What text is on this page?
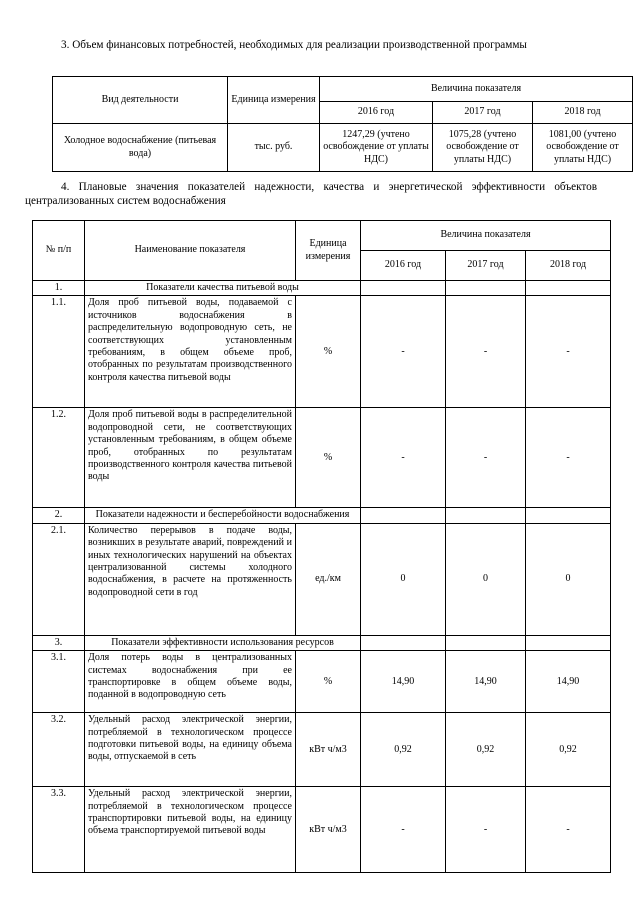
3. Объем финансовых потребностей, необходимых для реализации производственной программы
Вид деятельности	Единица измерения	Величина показателя		
		2016 год	2017 год	2018 год
Холодное водоснабжение (питьевая вода)	тыс. руб.	1247,29 (учтено освобождение от уплаты НДС)	1075,28 (учтено освобождение от уплаты НДС)	1081,00 (учтено освобождение от уплаты НДС)
4. Плановые значения показателей надежности, качества и энергетической эффективности объектов централизованных систем водоснабжения
№ п/п	Наименование показателя	Единица измерения	Величина показателя		
			2016 год	2017 год	2018 год
1.	Показатели качества питьевой воды				
1.1.	Доля проб питьевой воды, подаваемой с источников водоснабжения в распределительную водопроводную сеть, не соответствующих установленным требованиям, в общем объеме проб, отобранных по результатам производственного контроля качества питьевой воды	%	-	-	-
1.2.	Доля проб питьевой воды в распределительной водопроводной сети, не соответствующих установленным требованиям, в общем объеме проб, отобранных по результатам производственного контроля качества питьевой воды	%	-	-	-
2.	Показатели надежности и бесперебойности водоснабжения				
2.1.	Количество перерывов в подаче воды, возникших в результате аварий, повреждений и иных технологических нарушений на объектах централизованной системы холодного водоснабжения, в расчете на протяженность водопроводной сети в год	ед./км	0	0	0
3.	Показатели эффективности использования ресурсов				
3.1.	Доля потерь воды в централизованных системах водоснабжения при ее транспортировке в общем объеме воды, поданной в водопроводную сеть	%	14,90	14,90	14,90
3.2.	Удельный расход электрической энергии, потребляемой в технологическом процессе подготовки питьевой воды, на единицу объема воды, отпускаемой в сеть	кВт ч/м3	0,92	0,92	0,92
3.3.	Удельный расход электрической энергии, потребляемой в технологическом процессе транспортировки питьевой воды, на единицу объема транспортируемой питьевой воды	кВт ч/м3	-	-	-
